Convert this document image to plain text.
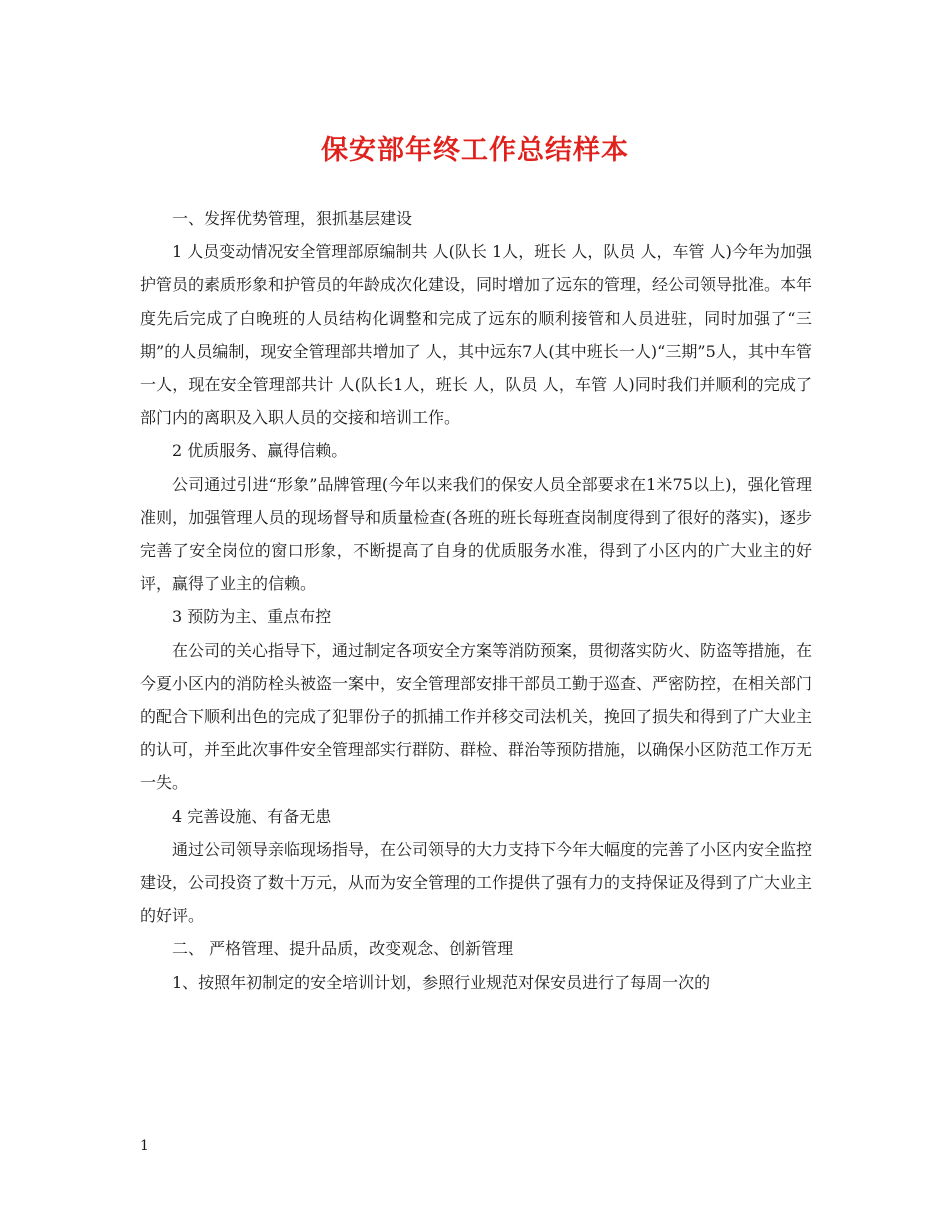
保安部年终工作总结样本

一、发挥优势管理，狠抓基层建设

1 人员变动情况安全管理部原编制共 人(队长 1人，班长 人，队员 人，车管 人)今年为加强护管员的素质形象和护管员的年龄成次化建设，同时增加了远东的管理，经公司领导批准。本年度先后完成了白晚班的人员结构化调整和完成了远东的顺利接管和人员进驻，同时加强了“三期”的人员编制，现安全管理部共增加了 人，其中远东7人(其中班长一人)“三期”5人，其中车管一人，现在安全管理部共计 人(队长1人，班长 人，队员 人，车管 人)同时我们并顺利的完成了部门内的离职及入职人员的交接和培训工作。

2 优质服务、赢得信赖。

公司通过引进“形象”品牌管理(今年以来我们的保安人员全部要求在1米75以上)，强化管理准则，加强管理人员的现场督导和质量检查(各班的班长每班查岗制度得到了很好的落实)，逐步完善了安全岗位的窗口形象，不断提高了自身的优质服务水准，得到了小区内的广大业主的好评，赢得了业主的信赖。

3 预防为主、重点布控

在公司的关心指导下，通过制定各项安全方案等消防预案，贯彻落实防火、防盗等措施，在今夏小区内的消防栓头被盗一案中，安全管理部安排干部员工勤于巡查、严密防控，在相关部门的配合下顺利出色的完成了犯罪份子的抓捕工作并移交司法机关，挽回了损失和得到了广大业主的认可，并至此次事件安全管理部实行群防、群检、群治等预防措施，以确保小区防范工作万无一失。

4 完善设施、有备无患

通过公司领导亲临现场指导，在公司领导的大力支持下今年大幅度的完善了小区内安全监控建设，公司投资了数十万元，从而为安全管理的工作提供了强有力的支持保证及得到了广大业主的好评。

二、 严格管理、提升品质，改变观念、创新管理

1、按照年初制定的安全培训计划，参照行业规范对保安员进行了每周一次的

1
